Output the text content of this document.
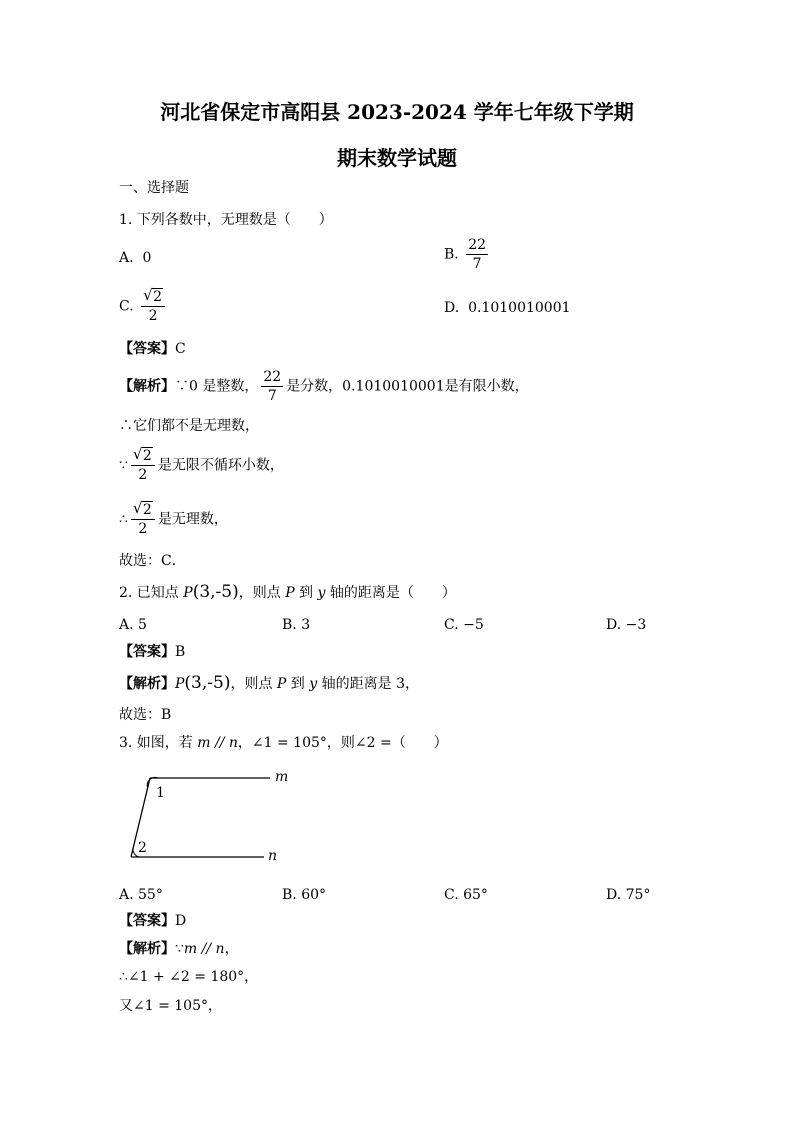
河北省保定市高阳县 2023-2024 学年七年级下学期
期末数学试题
一、选择题
1. 下列各数中，无理数是（　　）
A. 0	B. $\frac{22}{7}$
C. $\frac{√ 2}{2}$	D. 0.1010010001
【答案】C
【解析】∵0 是整数， $\frac{22}{7}$ 是分数，0.1010010001是有限小数，
∴它们都不是无理数，
∵ $\frac{√ 2}{2}$ 是无限不循环小数，
∴ $\frac{√ 2}{2}$ 是无理数，
故选：C．
2. 已知点 P(3,-5)，则点 P 到 y 轴的距离是（　　）
A. 5	B. 3	C. −5	D. −3
【答案】B
【解析】P(3,-5)，则点 P 到 y 轴的距离是 3，
故选：B
3. 如图，若 m // n，∠1 = 105°，则∠2 =（　　）
m
n
1
2
A. 55°	B. 60°	C. 65°	D. 75°
【答案】D
【解析】∵m // n，
∴∠1 + ∠2 = 180°，
又∠1 = 105°，
